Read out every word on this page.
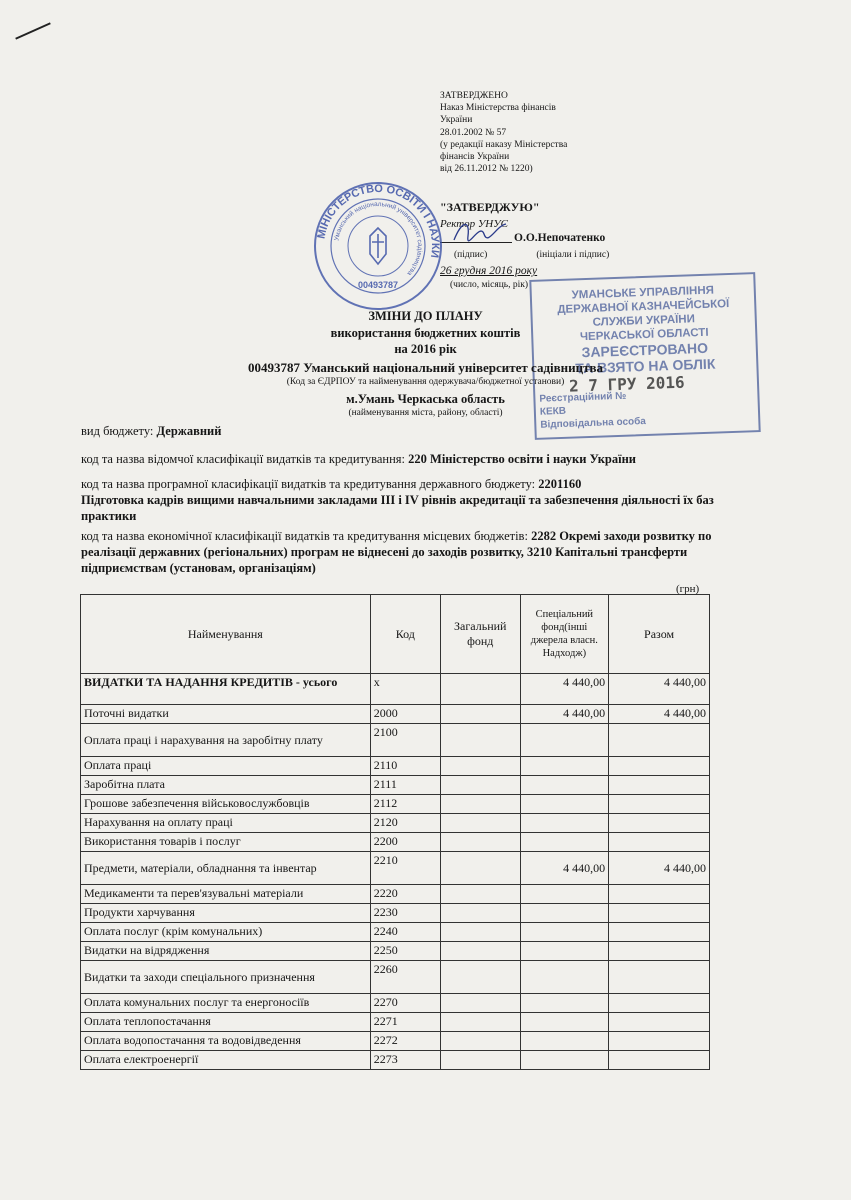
ЗАТВЕРДЖЕНО
Наказ Міністерства фінансів
України
28.01.2002 № 57
(у редакції наказу Міністерства
фінансів України
від 26.11.2012 № 1220)
"ЗАТВЕРДЖУЮ"
Ректор УНУС
О.О.Непочатенко
(підпис)	(ініціали і підпис)
26 грудня 2016 року
(число, місяць, рік)
МІНІСТЕРСТВО ОСВІТИ І НАУКИ
Уманський національний університет садівництва
00493787	УМАНСЬКЕ УПРАВЛІННЯ
ДЕРЖАВНОЇ КАЗНАЧЕЙСЬКОЇ
СЛУЖБИ УКРАЇНИ
ЧЕРКАСЬКОЇ ОБЛАСТІ
ЗАРЕЄСТРОВАНО
ТА ВЗЯТО НА ОБЛІК
2 7 ГРУ 2016
Реєстраційний №
КЕКВ
Відповідальна особа
ЗМІНИ ДО ПЛАНУ
використання бюджетних коштів
на 2016 рік
00493787 Уманський національний університет садівництва
(Код за ЄДРПОУ та найменування одержувача/бюджетної установи)
м.Умань Черкаська область
(найменування міста, району, області)
вид бюджету: Державний
код та назва відомчої класифікації видатків та кредитування: 220 Міністерство освіти і науки України
код та назва програмної класифікації видатків та кредитування державного бюджету: 2201160
Підготовка кадрів вищими навчальними закладами ІІІ і IV рівнів акредитації та забезпечення діяльності їх баз практики
код та назва економічної класифікації видатків та кредитування місцевих бюджетів: 2282 Окремі заходи розвитку по реалізації державних (регіональних) програм не віднесені до заходів розвитку, 3210 Капітальні трансферти підприємствам (установам, організаціям)
(грн)
Найменування	Код	Загальний фонд	Спеціальний фонд(інші джерела власн. Надходж)	Разом
ВИДАТКИ ТА НАДАННЯ КРЕДИТІВ - усього	x		4 440,00	4 440,00
Поточні видатки	2000		4 440,00	4 440,00
Оплата праці і нарахування на заробітну плату	2100			
Оплата праці	2110			
Заробітна плата	2111			
Грошове забезпечення військовослужбовців	2112			
Нарахування на оплату праці	2120			
Використання товарів і послуг	2200			
Предмети, матеріали, обладнання та інвентар	2210		4 440,00	4 440,00
Медикаменти та перев'язувальні матеріали	2220			
Продукти харчування	2230			
Оплата послуг (крім комунальних)	2240			
Видатки на відрядження	2250			
Видатки та заходи спеціального призначення	2260			
Оплата комунальних послуг та енергоносіїв	2270			
Оплата теплопостачання	2271			
Оплата водопостачання та водовідведення	2272			
Оплата електроенергії	2273			
